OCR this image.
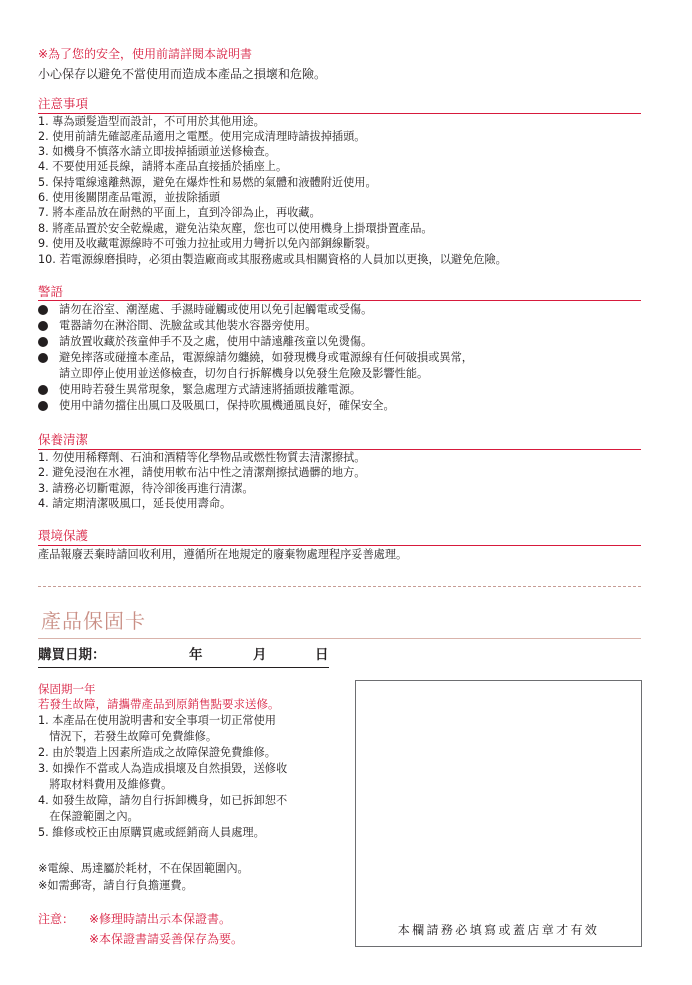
※為了您的安全，使用前請詳閱本說明書
小心保存以避免不當使用而造成本產品之損壞和危險。
注意事項
1. 專為頭髮造型而設計，不可用於其他用途。
2. 使用前請先確認產品適用之電壓。使用完成清理時請拔掉插頭。
3. 如機身不慎落水請立即拔掉插頭並送修檢查。
4. 不要使用延長線，請將本產品直接插於插座上。
5. 保持電線遠離熱源，避免在爆炸性和易燃的氣體和液體附近使用。
6. 使用後關閉產品電源，並拔除插頭
7. 將本產品放在耐熱的平面上，直到冷卻為止，再收藏。
8. 將產品置於安全乾燥處，避免沾染灰塵，您也可以使用機身上掛環掛置產品。
9. 使用及收藏電源線時不可強力拉扯或用力彎折以免內部銅線斷裂。
10. 若電源線磨損時，必須由製造廠商或其服務處或具相關資格的人員加以更換，以避免危險。
警語
請勿在浴室、潮溼處、手濕時碰觸或使用以免引起觸電或受傷。
電器請勿在淋浴間、洗臉盆或其他裝水容器旁使用。
請放置收藏於孩童伸手不及之處，使用中請遠離孩童以免燙傷。
避免摔落或碰撞本產品，電源線請勿纏繞，如發現機身或電源線有任何破損或異常，
請立即停止使用並送修檢查，切勿自行拆解機身以免發生危險及影響性能。
使用時若發生異常現象，緊急處理方式請速將插頭拔離電源。
使用中請勿擋住出風口及吸風口，保持吹風機通風良好，確保安全。
保養清潔
1. 勿使用稀釋劑、石油和酒精等化學物品或燃性物質去清潔擦拭。
2. 避免浸泡在水裡，請使用軟布沾中性之清潔劑擦拭過髒的地方。
3. 請務必切斷電源，待冷卻後再進行清潔。
4. 請定期清潔吸風口，延長使用壽命。
環境保護
產品報廢丟棄時請回收利用，遵循所在地規定的廢棄物處理程序妥善處理。
產品保固卡
購買日期：	年	月	日
保固期一年
若發生故障，請攜帶產品到原銷售點要求送修。
1. 本產品在使用說明書和安全事項一切正常使用
　情況下，若發生故障可免費維修。
2. 由於製造上因素所造成之故障保證免費維修。
3. 如操作不當或人為造成損壞及自然損毀，送修收
　將取材料費用及維修費。
4. 如發生故障，請勿自行拆卸機身，如已拆卸恕不
　在保證範圍之內。
5. 維修或校正由原購買處或經銷商人員處理。
※電線、馬達屬於耗材，不在保固範圍內。
※如需郵寄，請自行負擔運費。
注意： ※修理時請出示本保證書。
※本保證書請妥善保存為要。
本欄請務必填寫或蓋店章才有效
